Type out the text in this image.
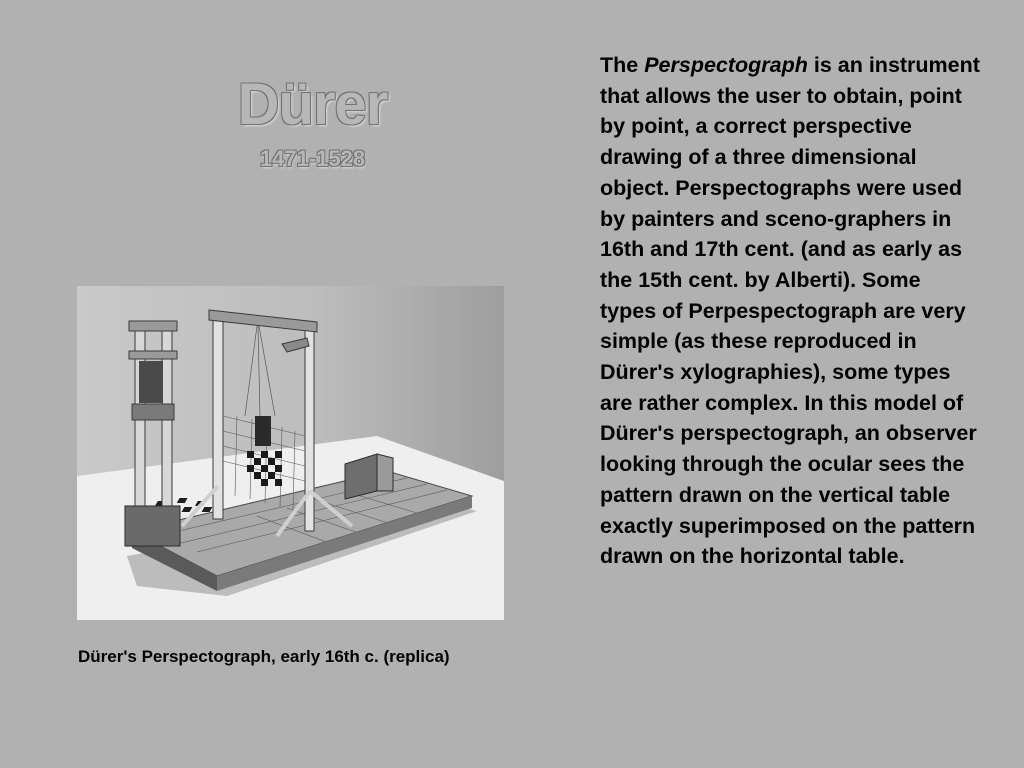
Dürer
1471-1528
Dürer's Perspectograph, early 16th c. (replica)

The Perspectograph is an instrument that allows the user to obtain, point by point, a correct perspective drawing of a three dimensional object. Perspectographs were used by painters and sceno-graphers in 16th and 17th cent. (and as early as the 15th cent. by Alberti). Some types of Perpespectograph are very simple (as these reproduced in Dürer's xylographies), some types are rather complex. In this model of Dürer's perspectograph, an observer looking through the ocular sees the pattern drawn on the vertical table exactly superimposed on the pattern drawn on the horizontal table.
